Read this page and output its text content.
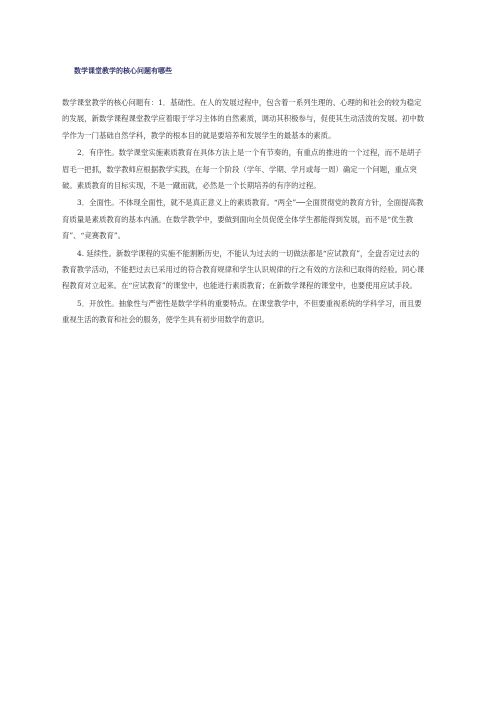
数学课堂教学的核心问题有哪些

数学课堂教学的核心问题有：1．基础性。在人的发展过程中，包含着一系列生理的、心理的和社会的较为稳定的发展，新数学课程课堂教学应着眼于学习主体的自然素质，调动其积极参与，促使其生动活泼的发展。初中数学作为一门基础自然学科，教学的根本目的就是要培养和发展学生的最基本的素质。

2．有序性。数学课堂实施素质教育在具体方法上是一个有节奏的，有重点的推进的一个过程，而不是胡子眉毛一把抓，数学教师应根据教学实践，在每一个阶段（学年、学期、学月或每一周）确定一个问题，重点突破。素质教育的目标实现，不是一蹴而就，必然是一个长期培养的有序的过程。

3．全面性。不体现全面性，就不是真正意义上的素质教育。“两全”──全面贯彻党的教育方针，全面提高教育质量是素质教育的基本内涵。在数学教学中，要做到面向全员促使全体学生都能得到发展，而不是“优生教育”、“竞赛教育”。

4. 延续性。新数学课程的实施不能割断历史，不能认为过去的一切做法都是“应试教育”，全盘否定过去的教育教学活动，不能把过去已采用过的符合教育规律和学生认识规律的行之有效的方法和已取得的经验。同心课程教育对立起来。在“应试教育”的课堂中，也能进行素质教育；在新数学课程的课堂中，也要使用应试手段。

5．开放性。抽象性与严密性是数学学科的重要特点。在课堂教学中，不但要重视系统的学科学习，而且要重视生活的教育和社会的服务，使学生具有初步用数学的意识。
